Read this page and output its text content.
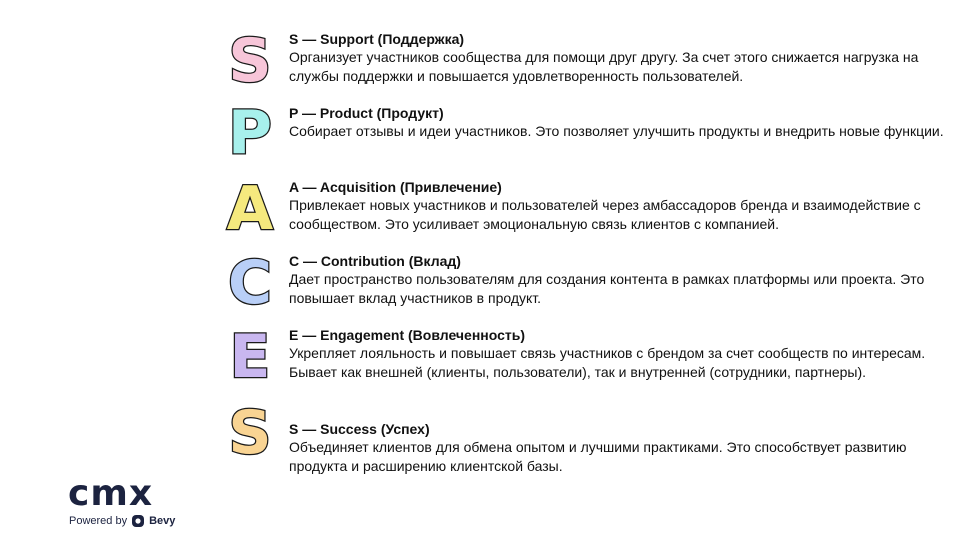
S
P
A
C
E
S

S — Support (Поддержка)

Организует участников сообщества для помощи друг другу. За счет этого снижается нагрузка на службы поддержки и повышается удовлетворенность пользователей.

P — Product (Продукт)

Собирает отзывы и идеи участников. Это позволяет улучшить продукты и внедрить новые функции.

A — Acquisition (Привлечение)

Привлекает новых участников и пользователей через амбассадоров бренда и взаимодействие с сообществом. Это усиливает эмоциональную связь клиентов с компанией.

C — Contribution (Вклад)

Дает пространство пользователям для создания контента в рамках платформы или проекта. Это повышает вклад участников в продукт.

E — Engagement (Вовлеченность)

Укрепляет лояльность и повышает связь участников с брендом за счет сообществ по интересам. Бывает как внешней (клиенты, пользователи), так и внутренней (сотрудники, партнеры).

S — Success (Успех)

Объединяет клиентов для обмена опытом и лучшими практиками. Это способствует развитию продукта и расширению клиентской базы.

cmx
Powered by Bevy
